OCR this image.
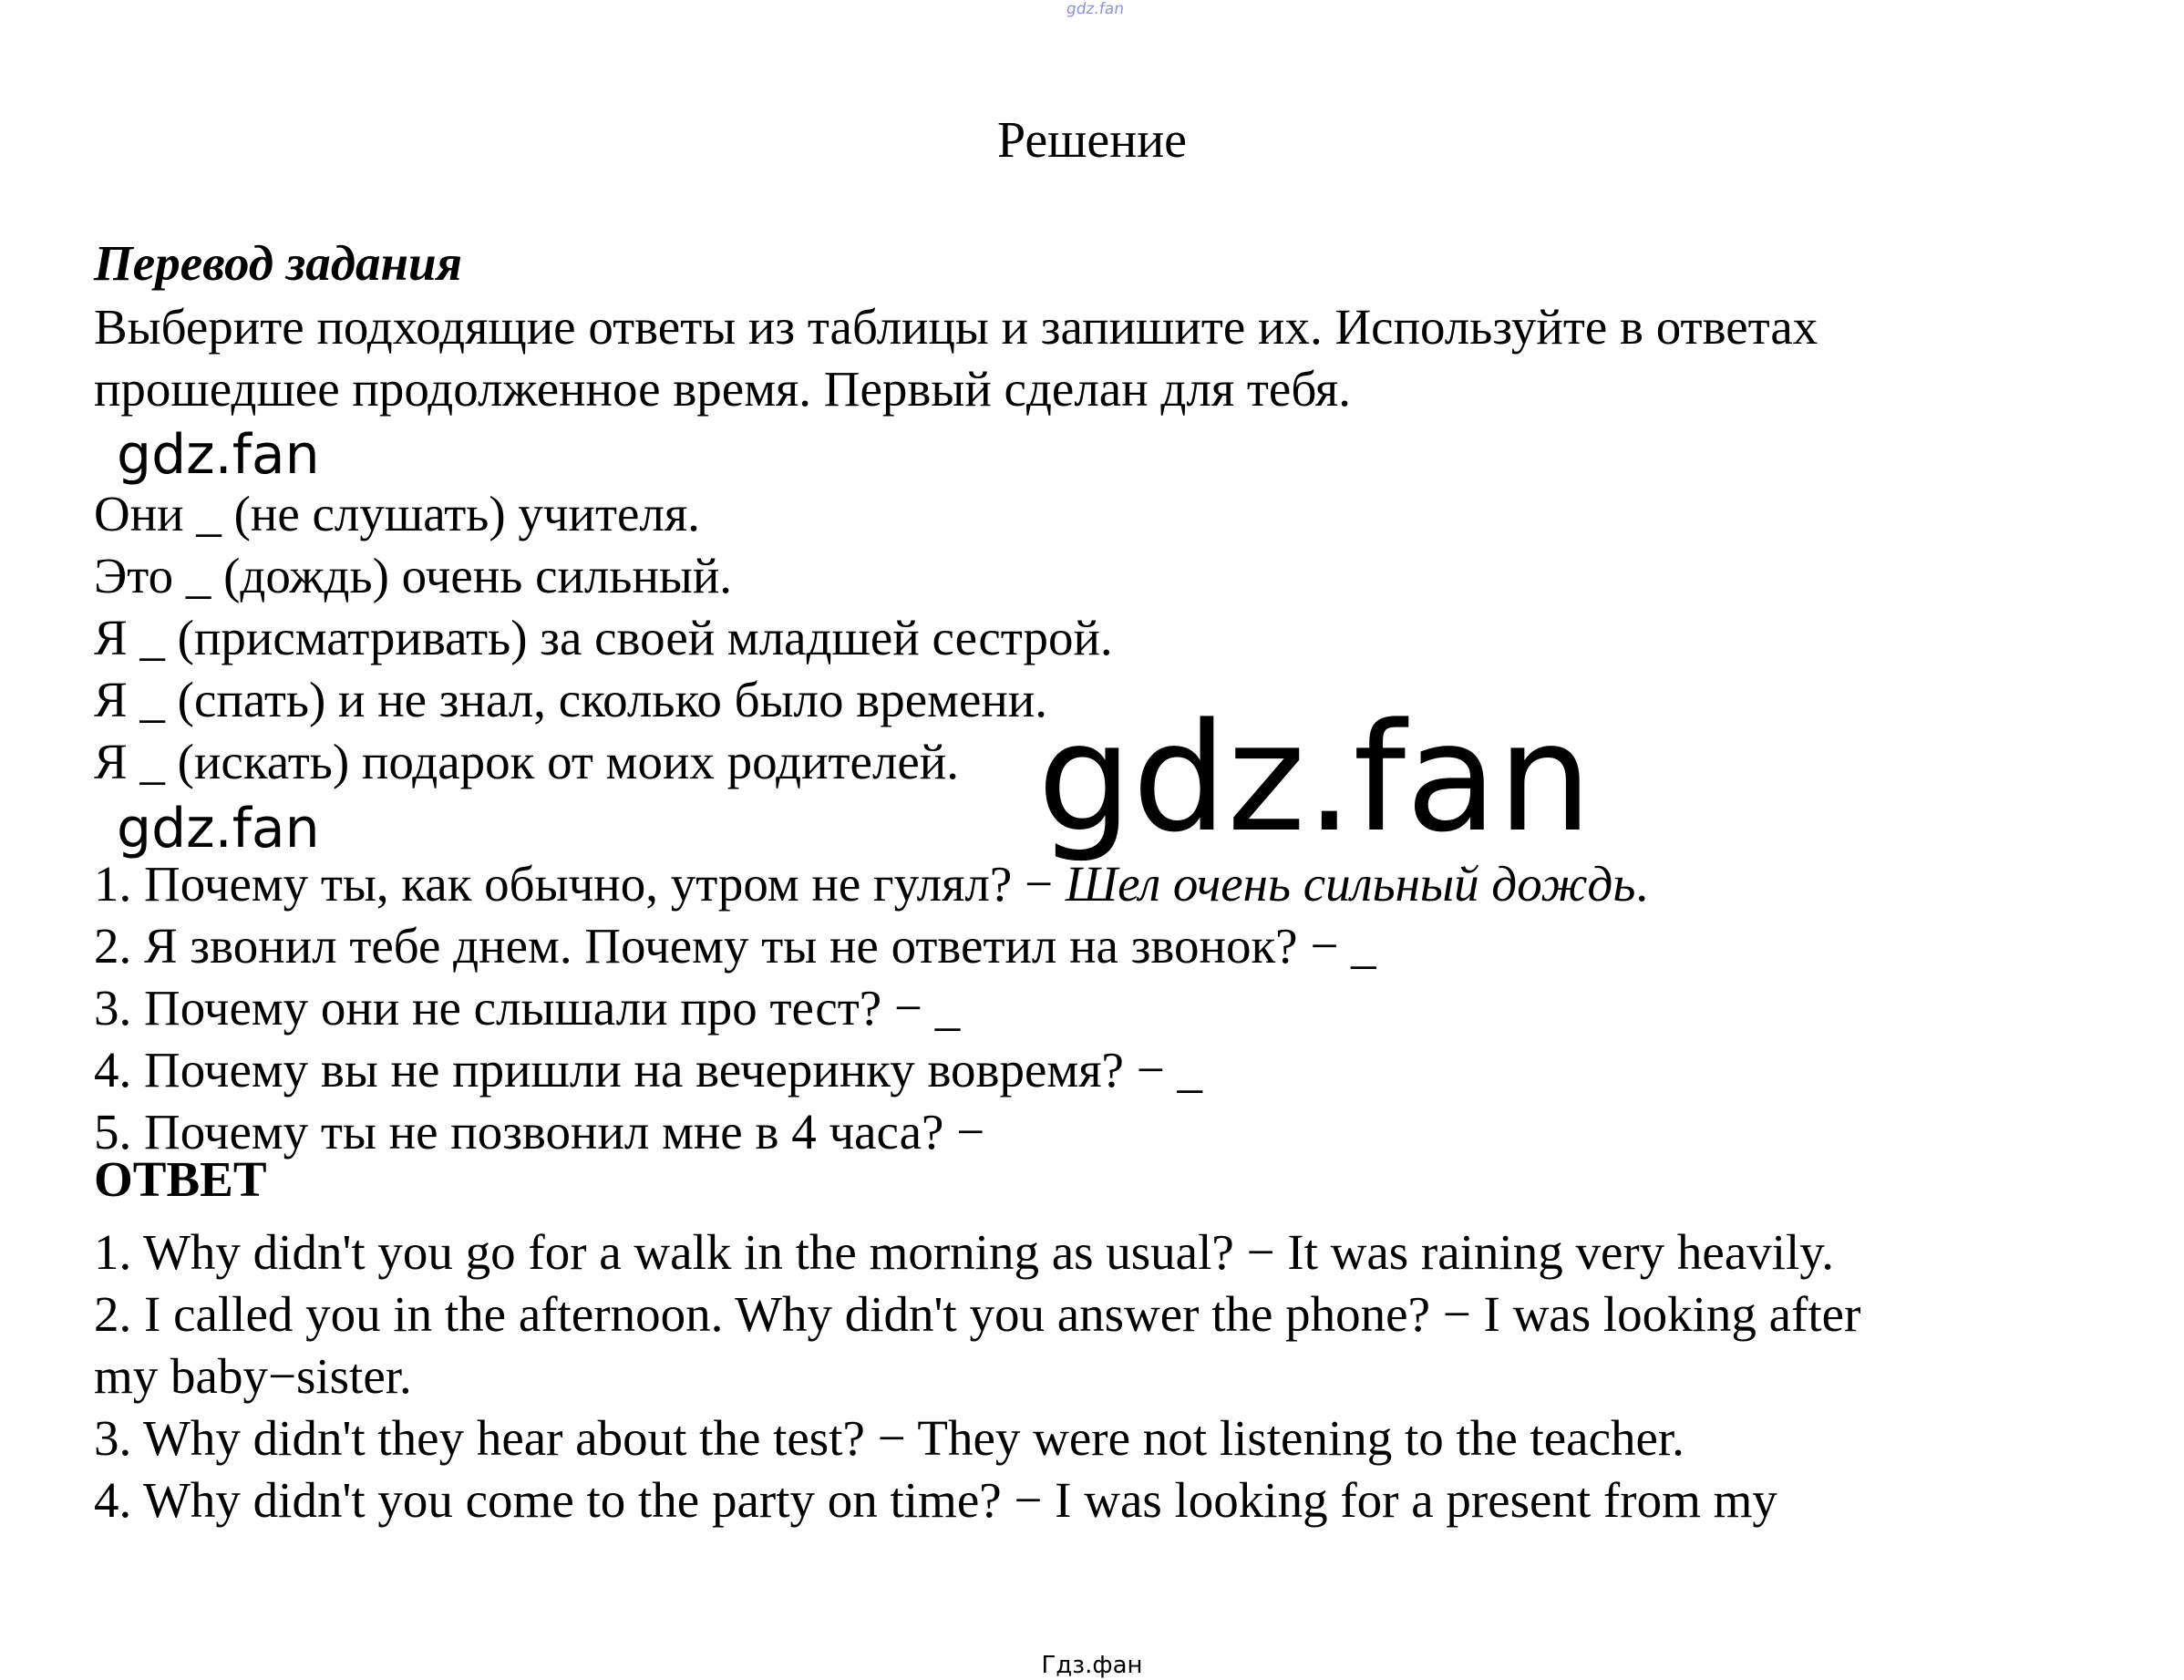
gdz.fan
Решение
Перевод задания
Выберите подходящие ответы из таблицы и запишите их. Используйте в ответах
прошедшее продолженное время. Первый сделан для тебя.
gdz.fan
Они _ (не слушать) учителя.
Это _ (дождь) очень сильный.
Я _ (присматривать) за своей младшей сестрой.
Я _ (спать) и не знал, сколько было времени.
Я _ (искать) подарок от моих родителей.
gdz.fan
1. Почему ты, как обычно, утром не гулял? − Шел очень сильный дождь.
2. Я звонил тебе днем. Почему ты не ответил на звонок? − _
3. Почему они не слышали про тест? − _
4. Почему вы не пришли на вечеринку вовремя? − _
5. Почему ты не позвонил мне в 4 часа? −
ОТВЕТ
1. Why didn't you go for a walk in the morning as usual? − It was raining very heavily.
2. I called you in the afternoon. Why didn't you answer the phone? − I was looking after
my baby−sister.
3. Why didn't they hear about the test? − They were not listening to the teacher.
4. Why didn't you come to the party on time? − I was looking for a present from my
gdz.fan
Гдз.фан
